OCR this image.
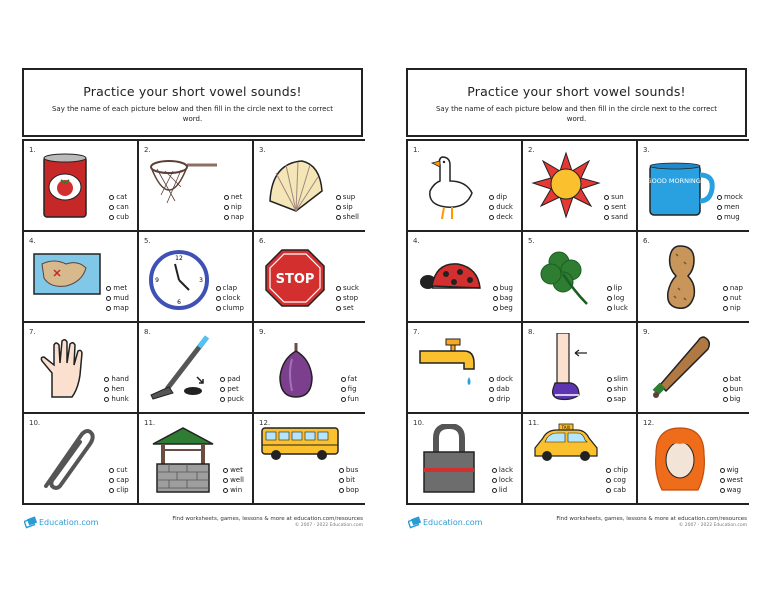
Practice your short vowel sounds!
Say the name of each picture below and then fill in the circle next to the correct word.
1.
cat
can
cub
2.
net
nip
nap
3.
sup
sip
shell
4.
met
mud
map
5.
12
3
6
9
clap
clock
clump
6.
STOP
suck
stop
set
7.
hand
hen
hunk
8.
pad
pet
puck
9.
fat
fig
fun
10.
cut
cap
clip
11.
wet
well
win
12.
bus
bit
bop
Education.com	Find worksheets, games, lessons & more at education.com/resources
© 2007 - 2022 Education.com
Practice your short vowel sounds!
Say the name of each picture below and then fill in the circle next to the correct word.
1.
dip
duck
deck
2.
sun
sent
sand
3.
GOOD MORNING!
mock
men
mug
4.
bug
bag
beg
5.
lip
log
luck
6.
nap
nut
nip
7.
dock
dab
drip
8.
slim
shin
sap
9.
bat
bun
big
10.
lack
lock
lid
11.
TAXI
chip
cog
cab
12.
wig
west
wag
Education.com	Find worksheets, games, lessons & more at education.com/resources
© 2007 - 2022 Education.com
